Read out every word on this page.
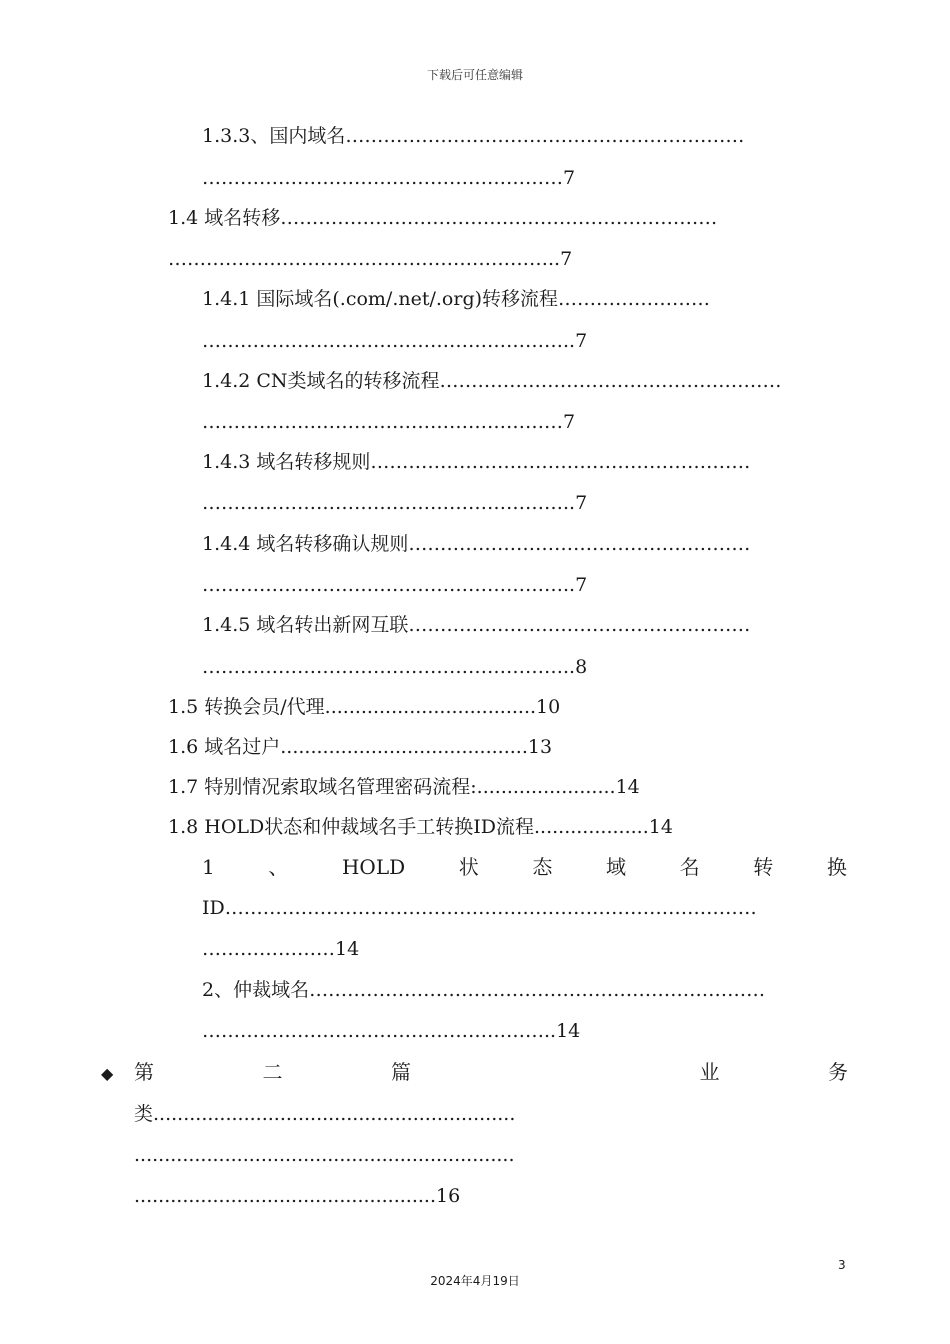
下载后可任意编辑
1.3.3、国内域名………………………………………………………
…………………………………………………7
1.4 域名转移……………………………………………………………
……………………………………………………..7
1.4.1 国际域名(.com/.net/.org)转移流程……………………
…………………………………………………..7
1.4.2 CN类域名的转移流程………………………………………………
…………………………………………………7
1.4.3 域名转移规则……………………………………………………
…………………………………………………..7
1.4.4 域名转移确认规则………………………………………………
…………………………………………………..7
1.4.5 域名转出新网互联………………………………………………
…………………………………………………..8
1.5 转换会员/代理...................................10
1.6 域名过户.........................................13
1.7 特别情况索取域名管理密码流程:.......................14
1.8 HOLD状态和仲裁域名手工转换ID流程...................14
1	、	HOLD	状	态	域	名	转	换
ID…………………………………………………………………………
…………………14
2、仲裁域名………………………………………………………………
………………………………………………..14
◆ 第	二	篇	业	务
类............................................................
...............................................................
..................................................16
3
2024年4月19日
